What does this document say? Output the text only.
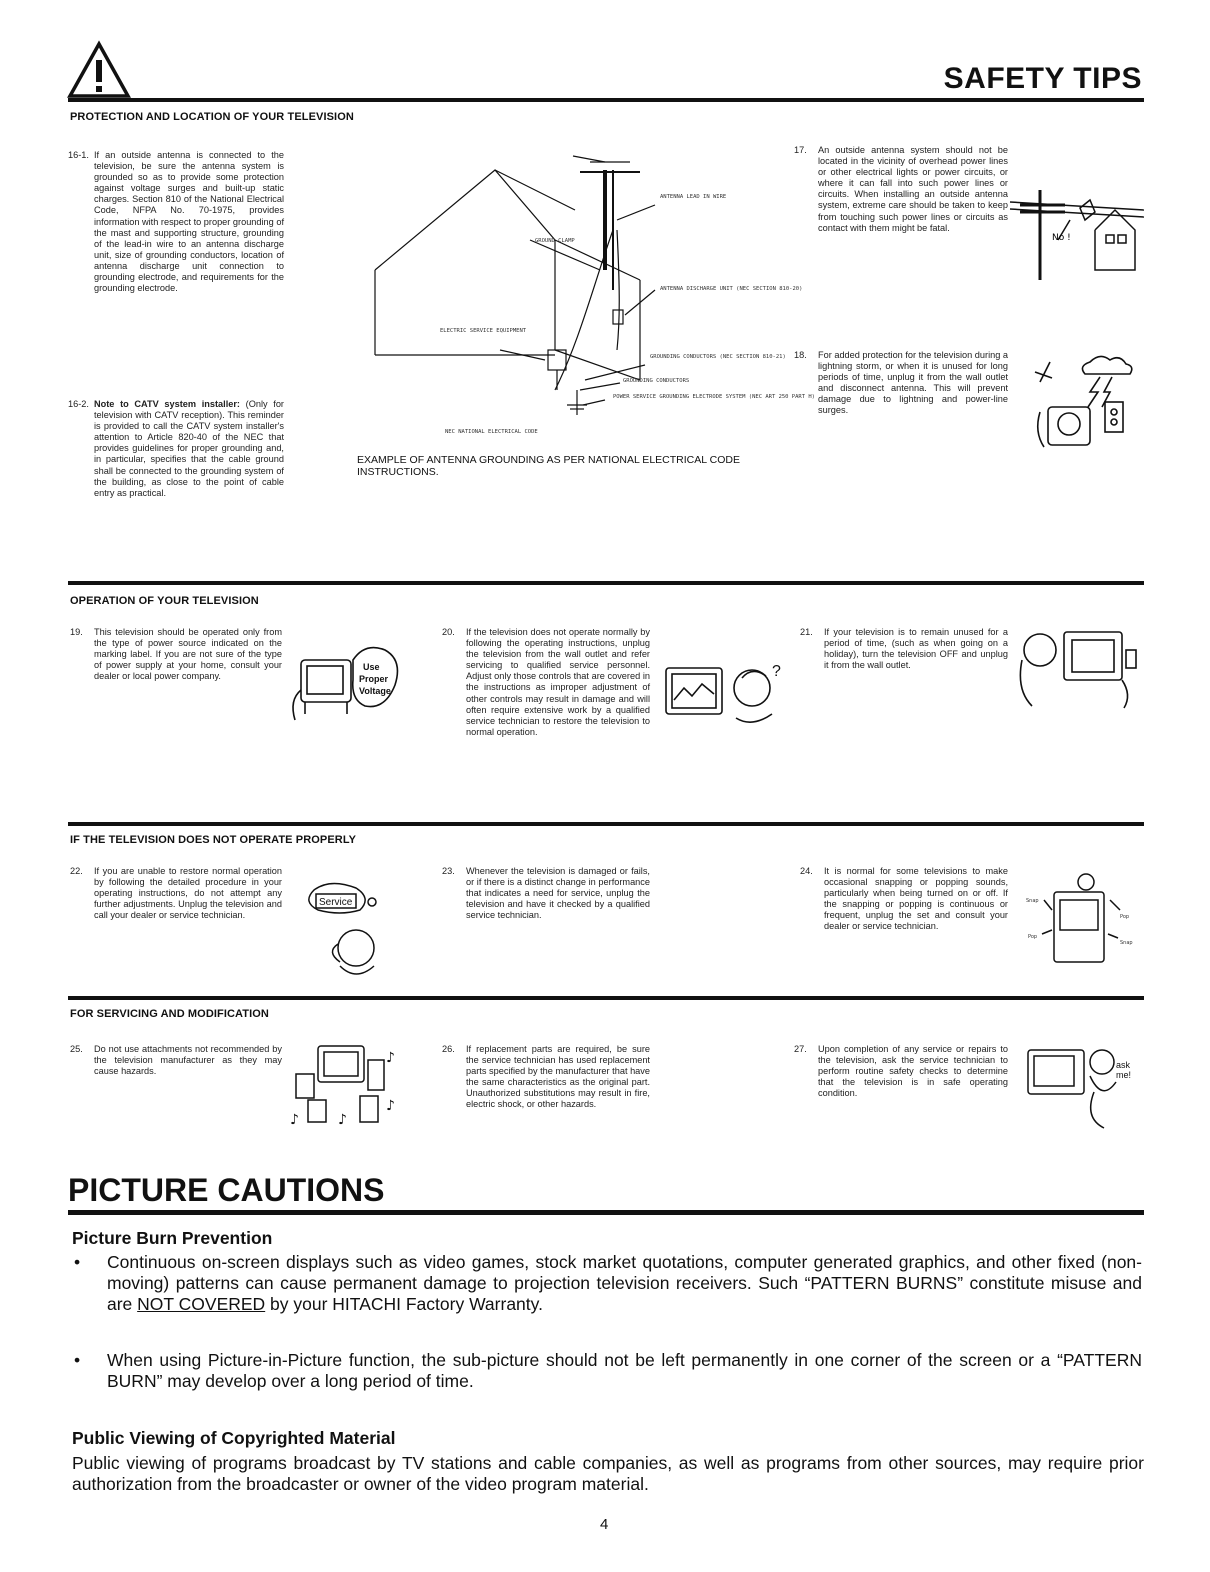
SAFETY TIPS
PROTECTION AND LOCATION OF YOUR TELEVISION
16-1. If an outside antenna is connected to the television, be sure the antenna system is grounded so as to provide some protection against voltage surges and built-up static charges. Section 810 of the National Electrical Code, NFPA No. 70-1975, provides information with respect to proper grounding of the mast and supporting structure, grounding of the lead-in wire to an antenna discharge unit, size of grounding conductors, location of antenna discharge unit connection to grounding electrode, and requirements for the grounding electrode.
16-2. Note to CATV system installer: (Only for television with CATV reception). This reminder is provided to call the CATV system installer's attention to Article 820-40 of the NEC that provides guidelines for proper grounding and, in particular, specifies that the cable ground shall be connected to the grounding system of the building, as close to the point of cable entry as practical.
ANTENNA LEAD IN WIRE
GROUND CLAMP
ANTENNA DISCHARGE UNIT (NEC SECTION 810-20)
ELECTRIC SERVICE EQUIPMENT
GROUNDING CONDUCTORS (NEC SECTION 810-21)
GROUNDING CONDUCTORS
POWER SERVICE GROUNDING ELECTRODE SYSTEM (NEC ART 250 PART H)
NEC NATIONAL ELECTRICAL CODE
EXAMPLE OF ANTENNA GROUNDING AS PER NATIONAL ELECTRICAL CODE INSTRUCTIONS.
17. An outside antenna system should not be located in the vicinity of overhead power lines or other electrical lights or power circuits, or where it can fall into such power lines or circuits. When installing an outside antenna system, extreme care should be taken to keep from touching such power lines or circuits as contact with them might be fatal.
No !
18. For added protection for the television during a lightning storm, or when it is unused for long periods of time, unplug it from the wall outlet and disconnect antenna. This will prevent damage due to lightning and power-line surges.
OPERATION OF YOUR TELEVISION
19. This television should be operated only from the type of power source indicated on the marking label. If you are not sure of the type of power supply at your home, consult your dealer or local power company.
Use
Proper
Voltage
20. If the television does not operate normally by following the operating instructions, unplug the television from the wall outlet and refer servicing to qualified service personnel. Adjust only those controls that are covered in the instructions as improper adjustment of other controls may result in damage and will often require extensive work by a qualified service technician to restore the television to normal operation.
?
21. If your television is to remain unused for a period of time, (such as when going on a holiday), turn the television OFF and unplug it from the wall outlet.
IF THE TELEVISION DOES NOT OPERATE PROPERLY
22. If you are unable to restore normal operation by following the detailed procedure in your operating instructions, do not attempt any further adjustments. Unplug the television and call your dealer or service technician.
Service
23. Whenever the television is damaged or fails, or if there is a distinct change in performance that indicates a need for service, unplug the television and have it checked by a qualified service technician.
24. It is normal for some televisions to make occasional snapping or popping sounds, particularly when being turned on or off. If the snapping or popping is continuous or frequent, unplug the set and consult your dealer or service technician.
Snap
Pop
Pop
Snap
FOR SERVICING AND MODIFICATION
25. Do not use attachments not recommended by the television manufacturer as they may cause hazards.
♪
♪
♪	♪
26. If replacement parts are required, be sure the service technician has used replacement parts specified by the manufacturer that have the same characteristics as the original part. Unauthorized substitutions may result in fire, electric shock, or other hazards.
27. Upon completion of any service or repairs to the television, ask the service technician to perform routine safety checks to determine that the television is in safe operating condition.
ask
me!
PICTURE CAUTIONS
Picture Burn Prevention
• Continuous on-screen displays such as video games, stock market quotations, computer generated graphics, and other fixed (non-moving) patterns can cause permanent damage to projection television receivers. Such “PATTERN BURNS” constitute misuse and are NOT COVERED by your HITACHI Factory Warranty.
• When using Picture-in-Picture function, the sub-picture should not be left permanently in one corner of the screen or a “PATTERN BURN” may develop over a long period of time.
Public Viewing of Copyrighted Material
Public viewing of programs broadcast by TV stations and cable companies, as well as programs from other sources, may require prior authorization from the broadcaster or owner of the video program material.
4
